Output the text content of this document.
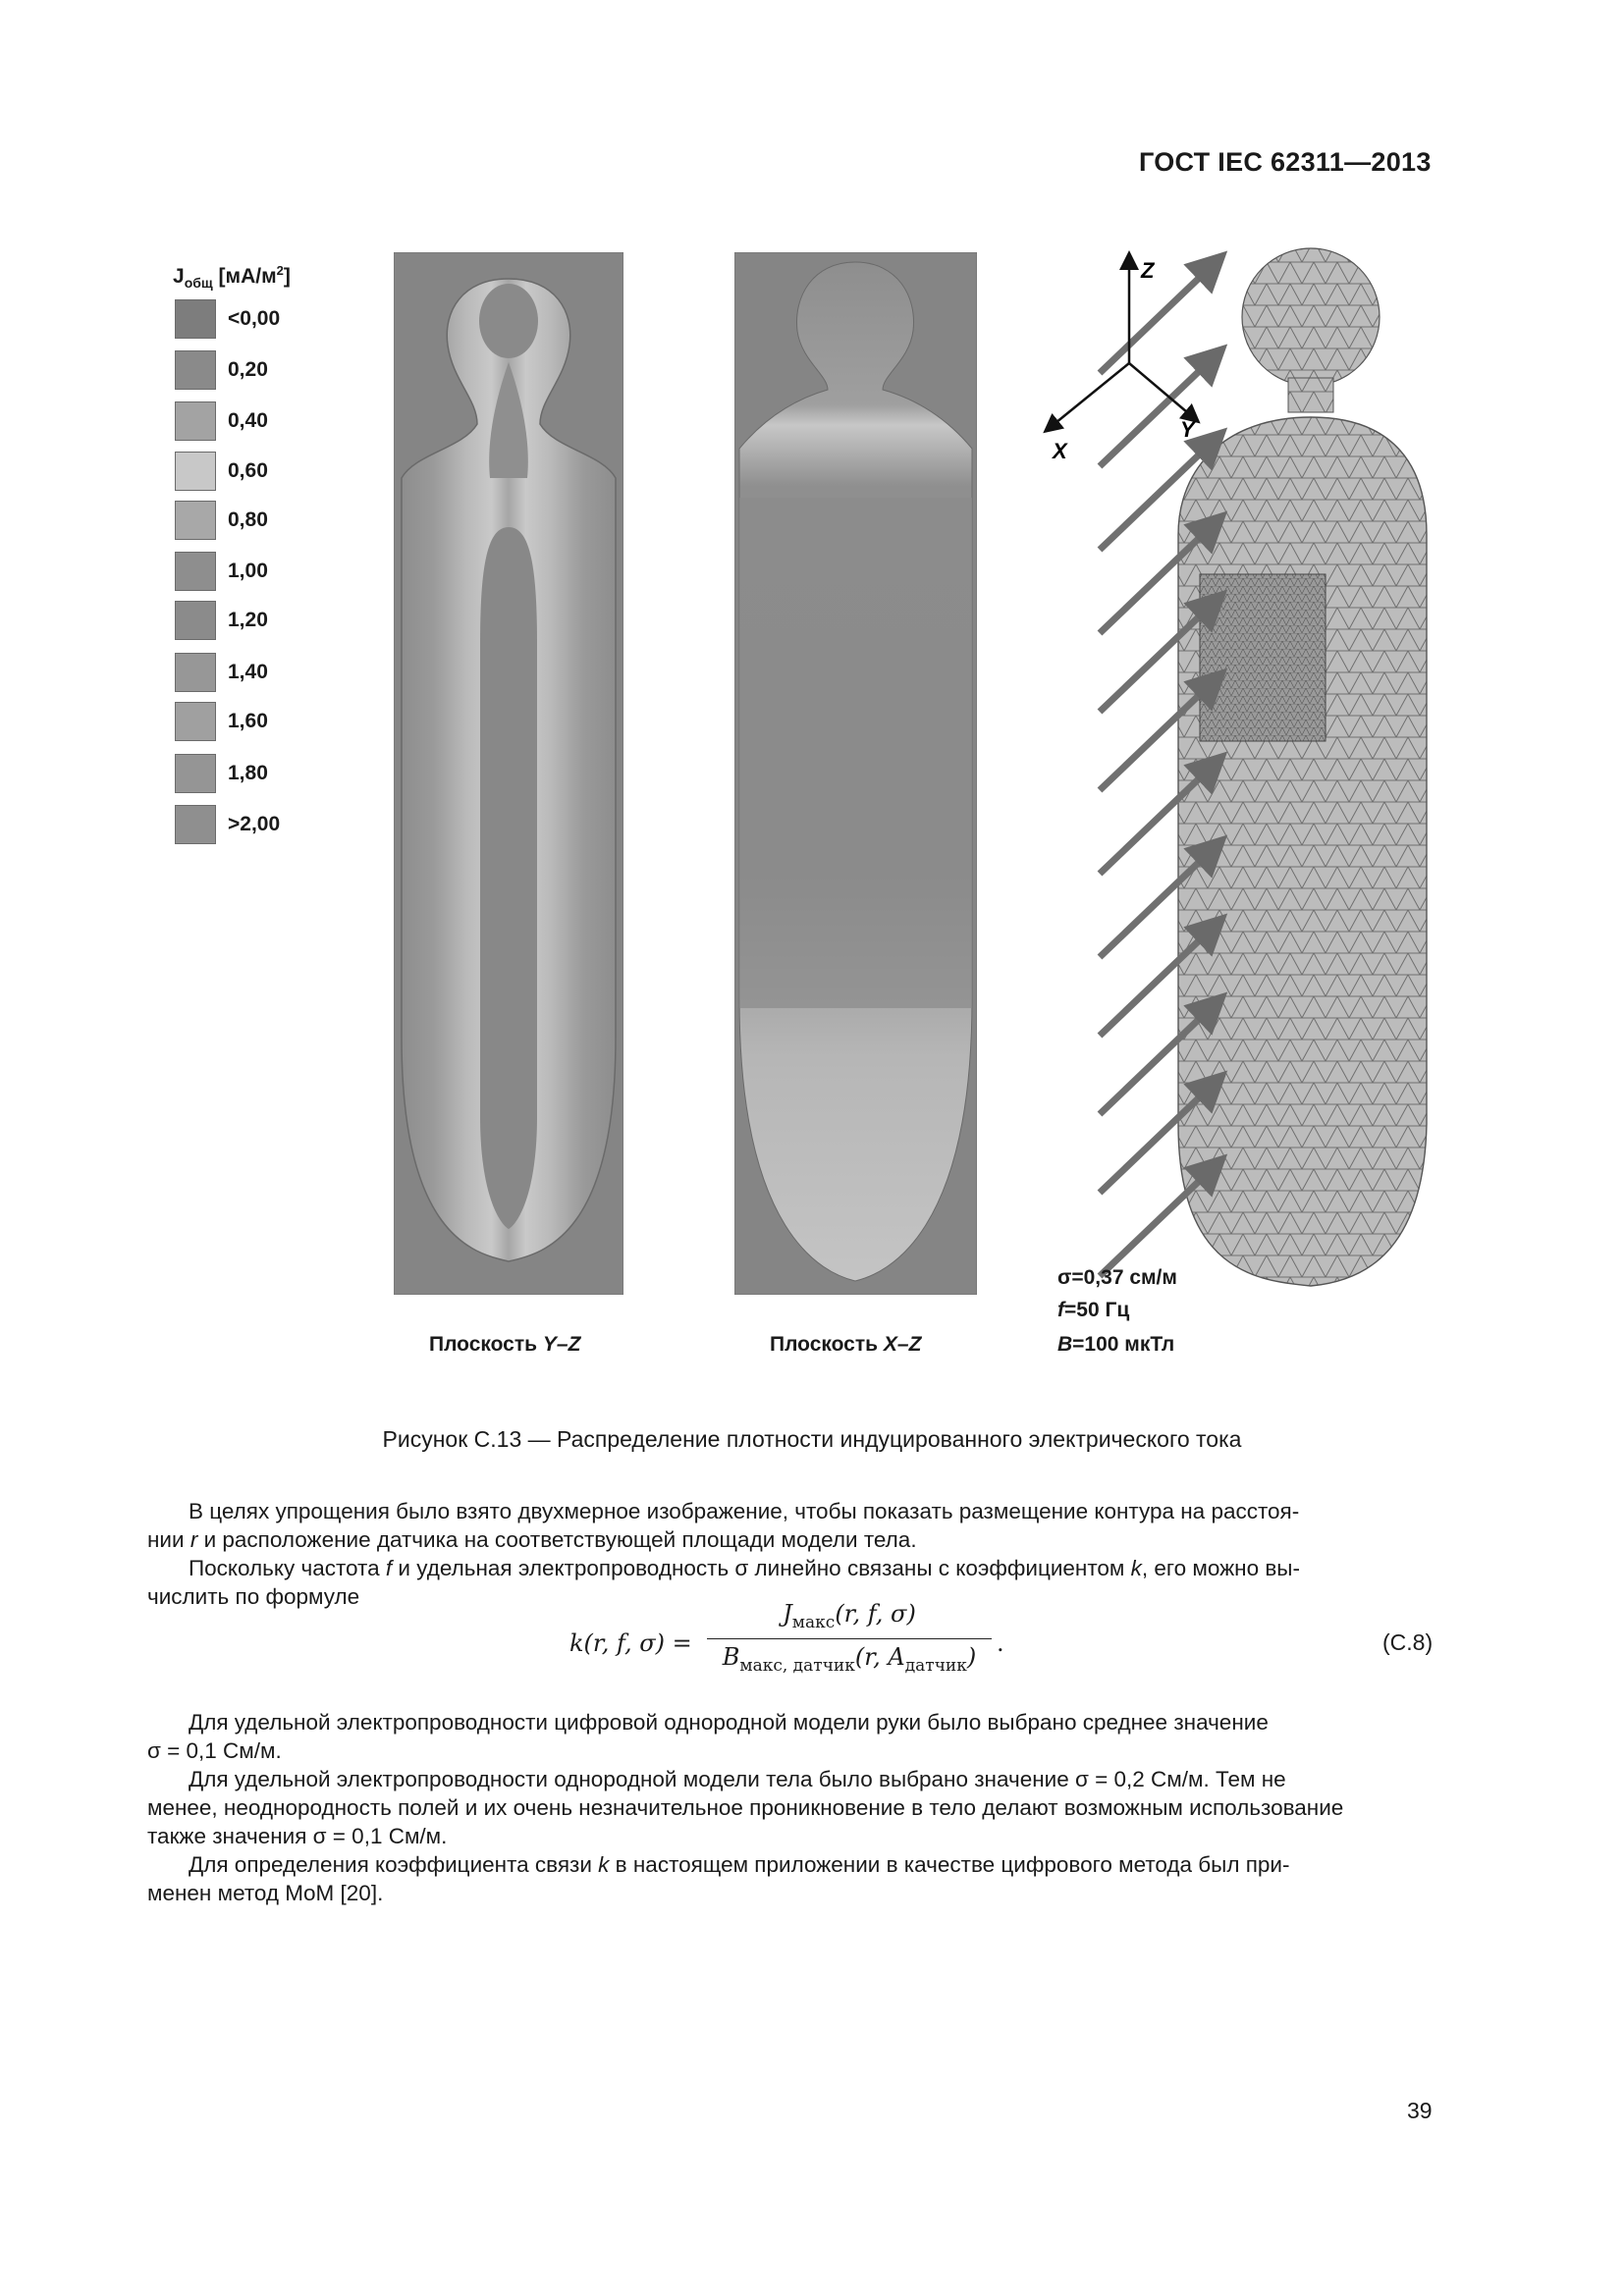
ГОСТ IEC 62311—2013
$J_{общ}$ $[мА/м^2]$
<0,00
0,20
0,40
0,60
0,80
1,00
1,20
1,40
1,60
1,80
>2,00
Плоскость Y–Z	Плоскость X–Z
Z
X
Y
σ=0,37 см/м
f=50 Гц
B=100 мкТл
Рисунок С.13 — Распределение плотности индуцированного электрического тока
В целях упрощения было взято двухмерное изображение, чтобы показать размещение контура на расстоя-
нии r и расположение датчика на соответствующей площади модели тела.
Поскольку частота f и удельная электропроводность σ линейно связаны с коэффициентом k, его можно вы-
числить по формуле
k(r, f, σ) =
$J_{макс}(r$, f, σ)
$B_{макс, датчик}(r$, $A_{датчик}$) .	(С.8)
Для удельной электропроводности цифровой однородной модели руки было выбрано среднее значение
σ = 0,1 См/м.
Для удельной электропроводности однородной модели тела было выбрано значение σ = 0,2 См/м. Тем не
менее, неоднородность полей и их очень незначительное проникновение в тело делают возможным использование
также значения σ = 0,1 См/м.
Для определения коэффициента связи k в настоящем приложении в качестве цифрового метода был при-
менен метод MoM [20].
39
